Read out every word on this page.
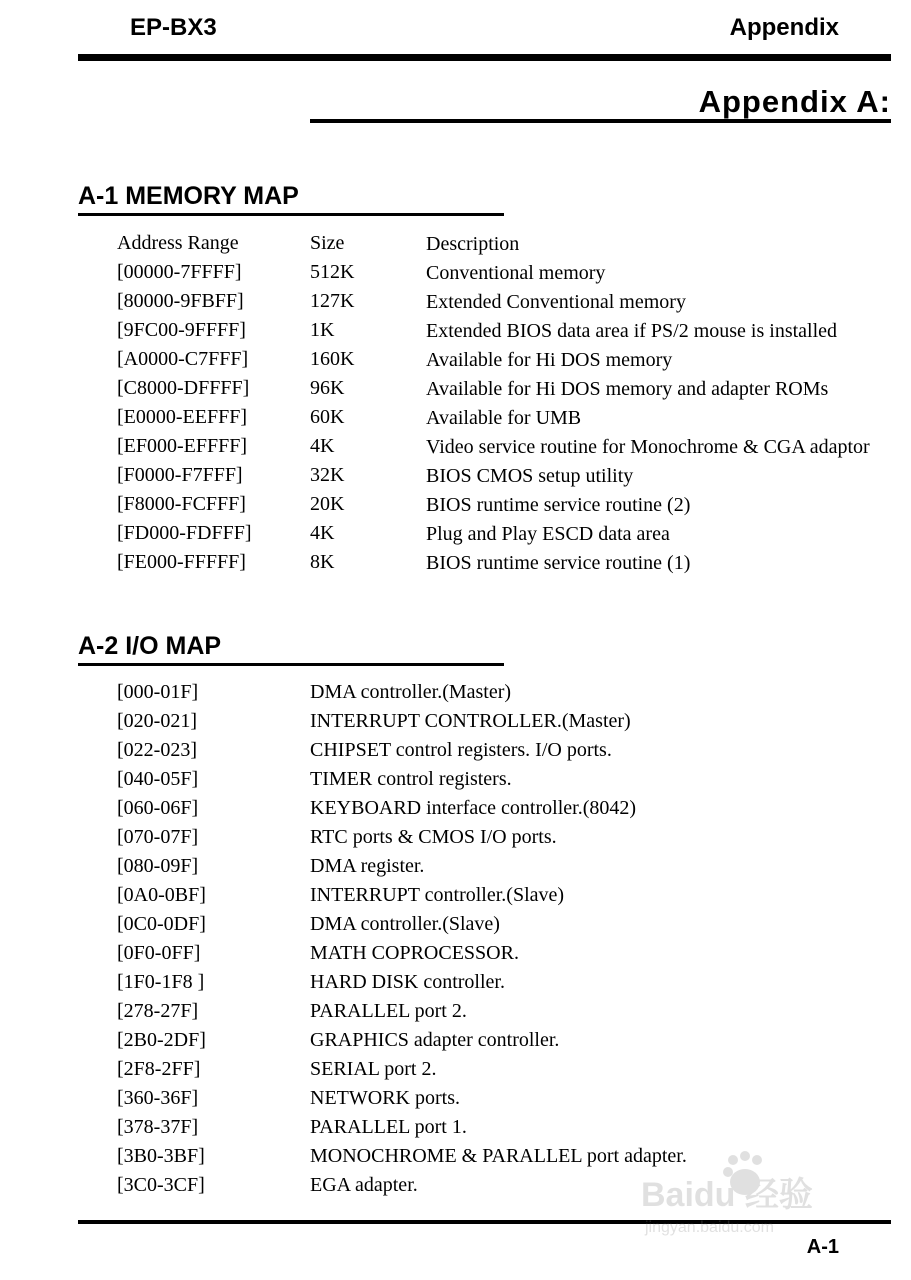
EP-BX3	Appendix
Appendix A:
A-1 MEMORY MAP
Address Range	Size	Description
[00000-7FFFF]	512K	Conventional memory
[80000-9FBFF]	127K	Extended Conventional memory
[9FC00-9FFFF]	1K	Extended BIOS data area if PS/2 mouse is installed
[A0000-C7FFF]	160K	Available for Hi DOS memory
[C8000-DFFFF]	96K	Available for Hi DOS memory and adapter ROMs
[E0000-EEFFF]	60K	Available for UMB
[EF000-EFFFF]	4K	Video service routine for Monochrome & CGA adaptor
[F0000-F7FFF]	32K	BIOS CMOS setup utility
[F8000-FCFFF]	20K	BIOS runtime service routine (2)
[FD000-FDFFF]	4K	Plug and Play ESCD data area
[FE000-FFFFF]	8K	BIOS runtime service routine (1)
A-2 I/O MAP
[000-01F]	DMA controller.(Master)
[020-021]	INTERRUPT CONTROLLER.(Master)
[022-023]	CHIPSET control registers. I/O ports.
[040-05F]	TIMER control registers.
[060-06F]	KEYBOARD interface controller.(8042)
[070-07F]	RTC ports & CMOS I/O ports.
[080-09F]	DMA register.
[0A0-0BF]	INTERRUPT controller.(Slave)
[0C0-0DF]	DMA controller.(Slave)
[0F0-0FF]	MATH COPROCESSOR.
[1F0-1F8 ]	HARD DISK controller.
[278-27F]	PARALLEL port 2.
[2B0-2DF]	GRAPHICS adapter controller.
[2F8-2FF]	SERIAL port 2.
[360-36F]	NETWORK ports.
[378-37F]	PARALLEL port 1.
[3B0-3BF]	MONOCHROME & PARALLEL port adapter.
[3C0-3CF]	EGA adapter.
A-1
Baidu 经验
jingyan.baidu.com
